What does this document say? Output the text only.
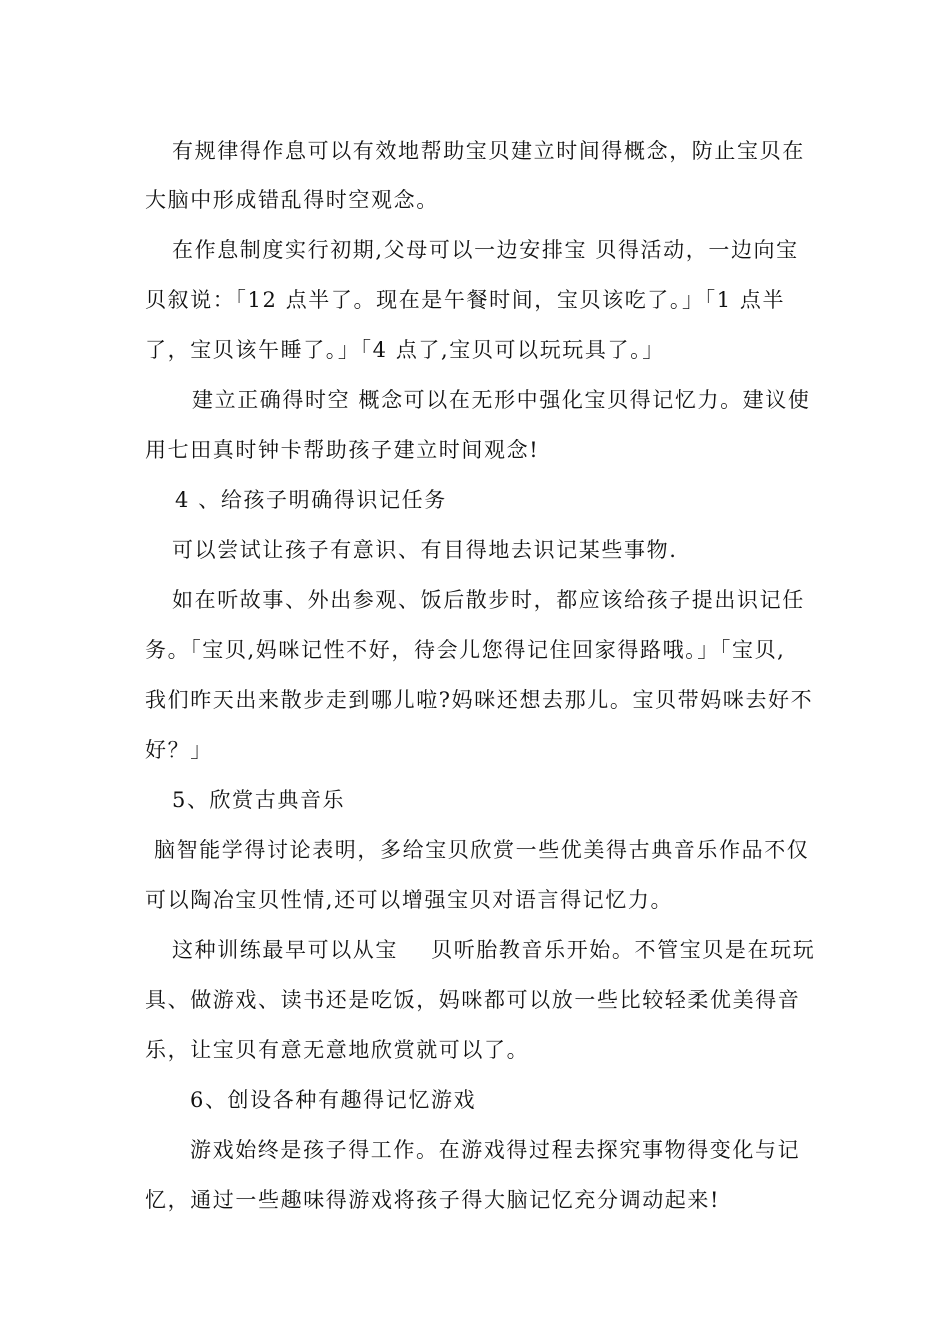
有规律得作息可以有效地帮助宝贝建立时间得概念，防止宝贝在
大脑中形成错乱得时空观念。
在作息制度实行初期,父母可以一边安排宝 贝得活动，一边向宝
贝叙说：「12 点半了。现在是午餐时间，宝贝该吃了。」「1 点半
了，宝贝该午睡了。」「4 点了,宝贝可以玩玩具了。」
建立正确得时空 概念可以在无形中强化宝贝得记忆力。建议使
用七田真时钟卡帮助孩子建立时间观念!
4 、给孩子明确得识记任务
可以尝试让孩子有意识、有目得地去识记某些事物.
如在听故事、外出参观、饭后散步时，都应该给孩子提出识记任
务。「宝贝,妈咪记性不好，待会儿您得记住回家得路哦。」「宝贝,
我们昨天出来散步走到哪儿啦?妈咪还想去那儿。宝贝带妈咪去好不
好？」
5、欣赏古典音乐
脑智能学得讨论表明，多给宝贝欣赏一些优美得古典音乐作品不仅
可以陶冶宝贝性情,还可以增强宝贝对语言得记忆力。
这种训练最早可以从宝    贝听胎教音乐开始。不管宝贝是在玩玩
具、做游戏、读书还是吃饭，妈咪都可以放一些比较轻柔优美得音
乐，让宝贝有意无意地欣赏就可以了。
6、创设各种有趣得记忆游戏
游戏始终是孩子得工作。在游戏得过程去探究事物得变化与记
忆，通过一些趣味得游戏将孩子得大脑记忆充分调动起来!
